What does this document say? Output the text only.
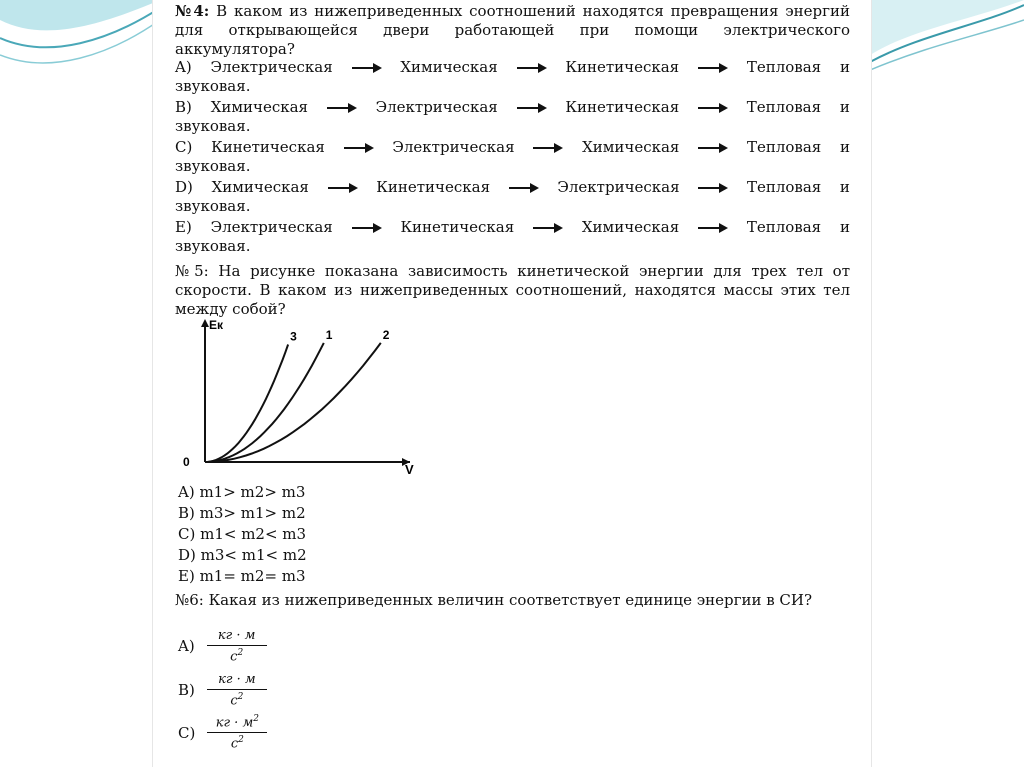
№4: В каком из нижеприведенных соотношений находятся превращения энергий для открывающейся двери работающей при помощи электрического аккумулятора?
A) Электрическая	Химическая	Кинетическая	Тепловая и
звуковая.
B) Химическая	Электрическая	Кинетическая	Тепловая и
звуковая.
C) Кинетическая	Электрическая	Химическая	Тепловая и
звуковая.
D) Химическая	Кинетическая	Электрическая	Тепловая и
звуковая.
E) Электрическая	Кинетическая	Химическая	Тепловая и
звуковая.
№5: На рисунке показана зависимость кинетической энергии для трех тел от скорости. В каком из нижеприведенных соотношений, находятся массы этих тел между собой?
V
Eк
0
3 1	2
A) m1> m2> m3
B) m3> m1> m2
C) m1< m2< m3
D) m3< m1< m2
E) m1= m2= m3
№6: Какая из нижеприведенных величин соответствует единице энергии в СИ?
$A) \frac{кг \cdot м}{с^2}$
$B) \frac{кг \cdot м}{с^2}$
$C) \frac{кг \cdot м^2}{с^2}$
